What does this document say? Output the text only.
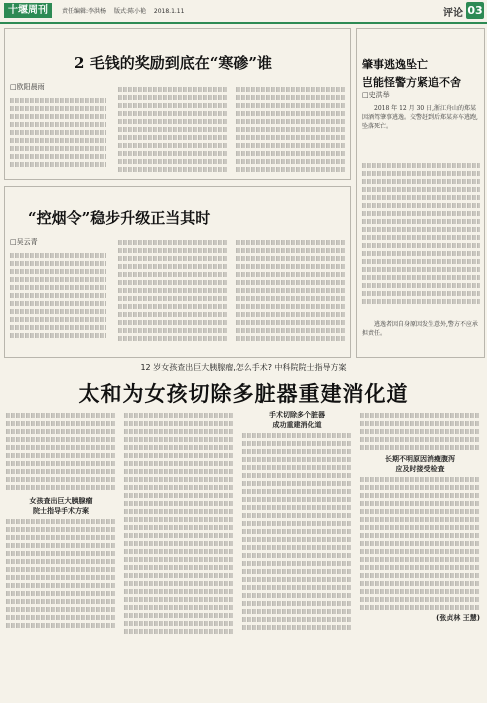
十堰周刊	责任编辑:李洪杨 版式:陈小艳 2018.1.11	评论 03
2 毛钱的奖励到底在“寒碜”谁
□欧阳晨雨
“控烟令”稳步升级正当其时
□吴云青
肇事逃逸坠亡
岂能怪警方紧追不舍
□史洪举
2018 年 12 月 30 日,浙江舟山的郑某因酒驾肇事逃逸。交警赶到后郑某弃车逃跑,坠落死亡。
逃逸者因自身原因发生意外,警方不应承担责任。
12 岁女孩查出巨大胰腺瘤,怎么手术? 中科院院士指导方案
太和为女孩切除多脏器重建消化道
女孩查出巨大胰腺瘤
院士指导手术方案
手术切除多个脏器
成功重建消化道
长期不明原因消瘦腹泻
应及时接受检查
(张贞林 王慧)
